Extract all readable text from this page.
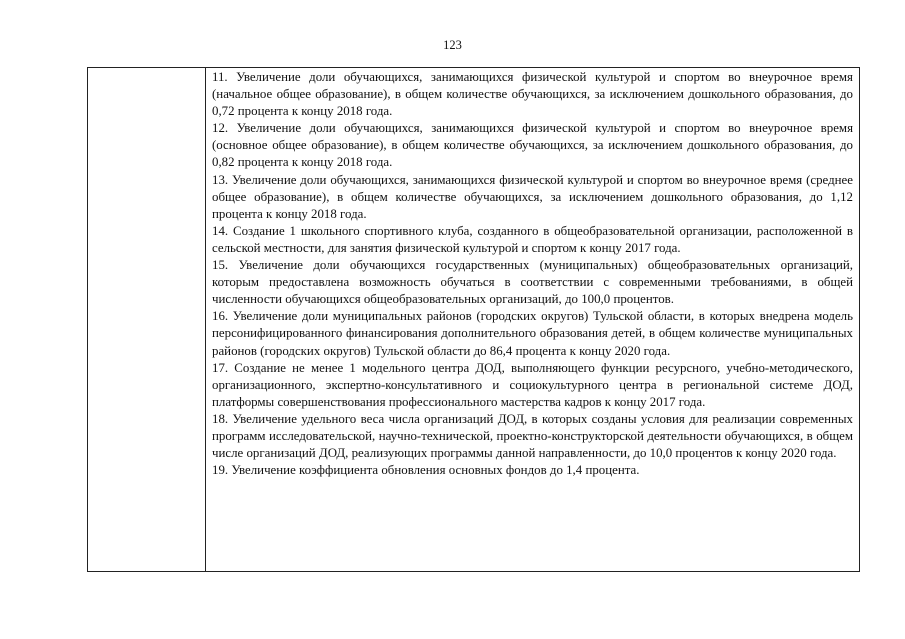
123

11. Увеличение доли обучающихся, занимающихся физической культурой и спортом во внеурочное время (начальное общее образование), в общем количестве обучающихся, за исключением дошкольного образования, до 0,72 процента к концу 2018 года.

12. Увеличение доли обучающихся, занимающихся физической культурой и спортом во внеурочное время (основное общее образование), в общем количестве обучающихся, за исключением дошкольного образования, до 0,82 процента к концу 2018 года.

13. Увеличение доли обучающихся, занимающихся физической культурой и спортом во внеурочное время (среднее общее образование), в общем количестве обучающихся, за исключением дошкольного образования, до 1,12 процента к концу 2018 года.

14. Создание 1 школьного спортивного клуба, созданного в общеобразовательной организации, расположенной в сельской местности, для занятия физической культурой и спортом к концу 2017 года.

15. Увеличение доли обучающихся государственных (муниципальных) общеобразовательных организаций, которым предоставлена возможность обучаться в соответствии с современными требованиями, в общей численности обучающихся общеобразовательных организаций, до 100,0 процентов.

16. Увеличение доли муниципальных районов (городских округов) Тульской области, в которых внедрена модель персонифицированного финансирования дополнительного образования детей, в общем количестве муниципальных районов (городских округов) Тульской области до 86,4 процента к концу 2020 года.

17. Создание не менее 1 модельного центра ДОД, выполняющего функции ресурсного, учебно-методического, организационного, экспертно-консультативного и социокультурного центра в региональной системе ДОД, платформы совершенствования профессионального мастерства кадров к концу 2017 года.

18. Увеличение удельного веса числа организаций ДОД, в которых созданы условия для реализации современных программ исследовательской, научно-технической, проектно-конструкторской деятельности обучающихся, в общем числе организаций ДОД, реализующих программы данной направленности, до 10,0 процентов к концу 2020 года.

19. Увеличение коэффициента обновления основных фондов до 1,4 процента.
